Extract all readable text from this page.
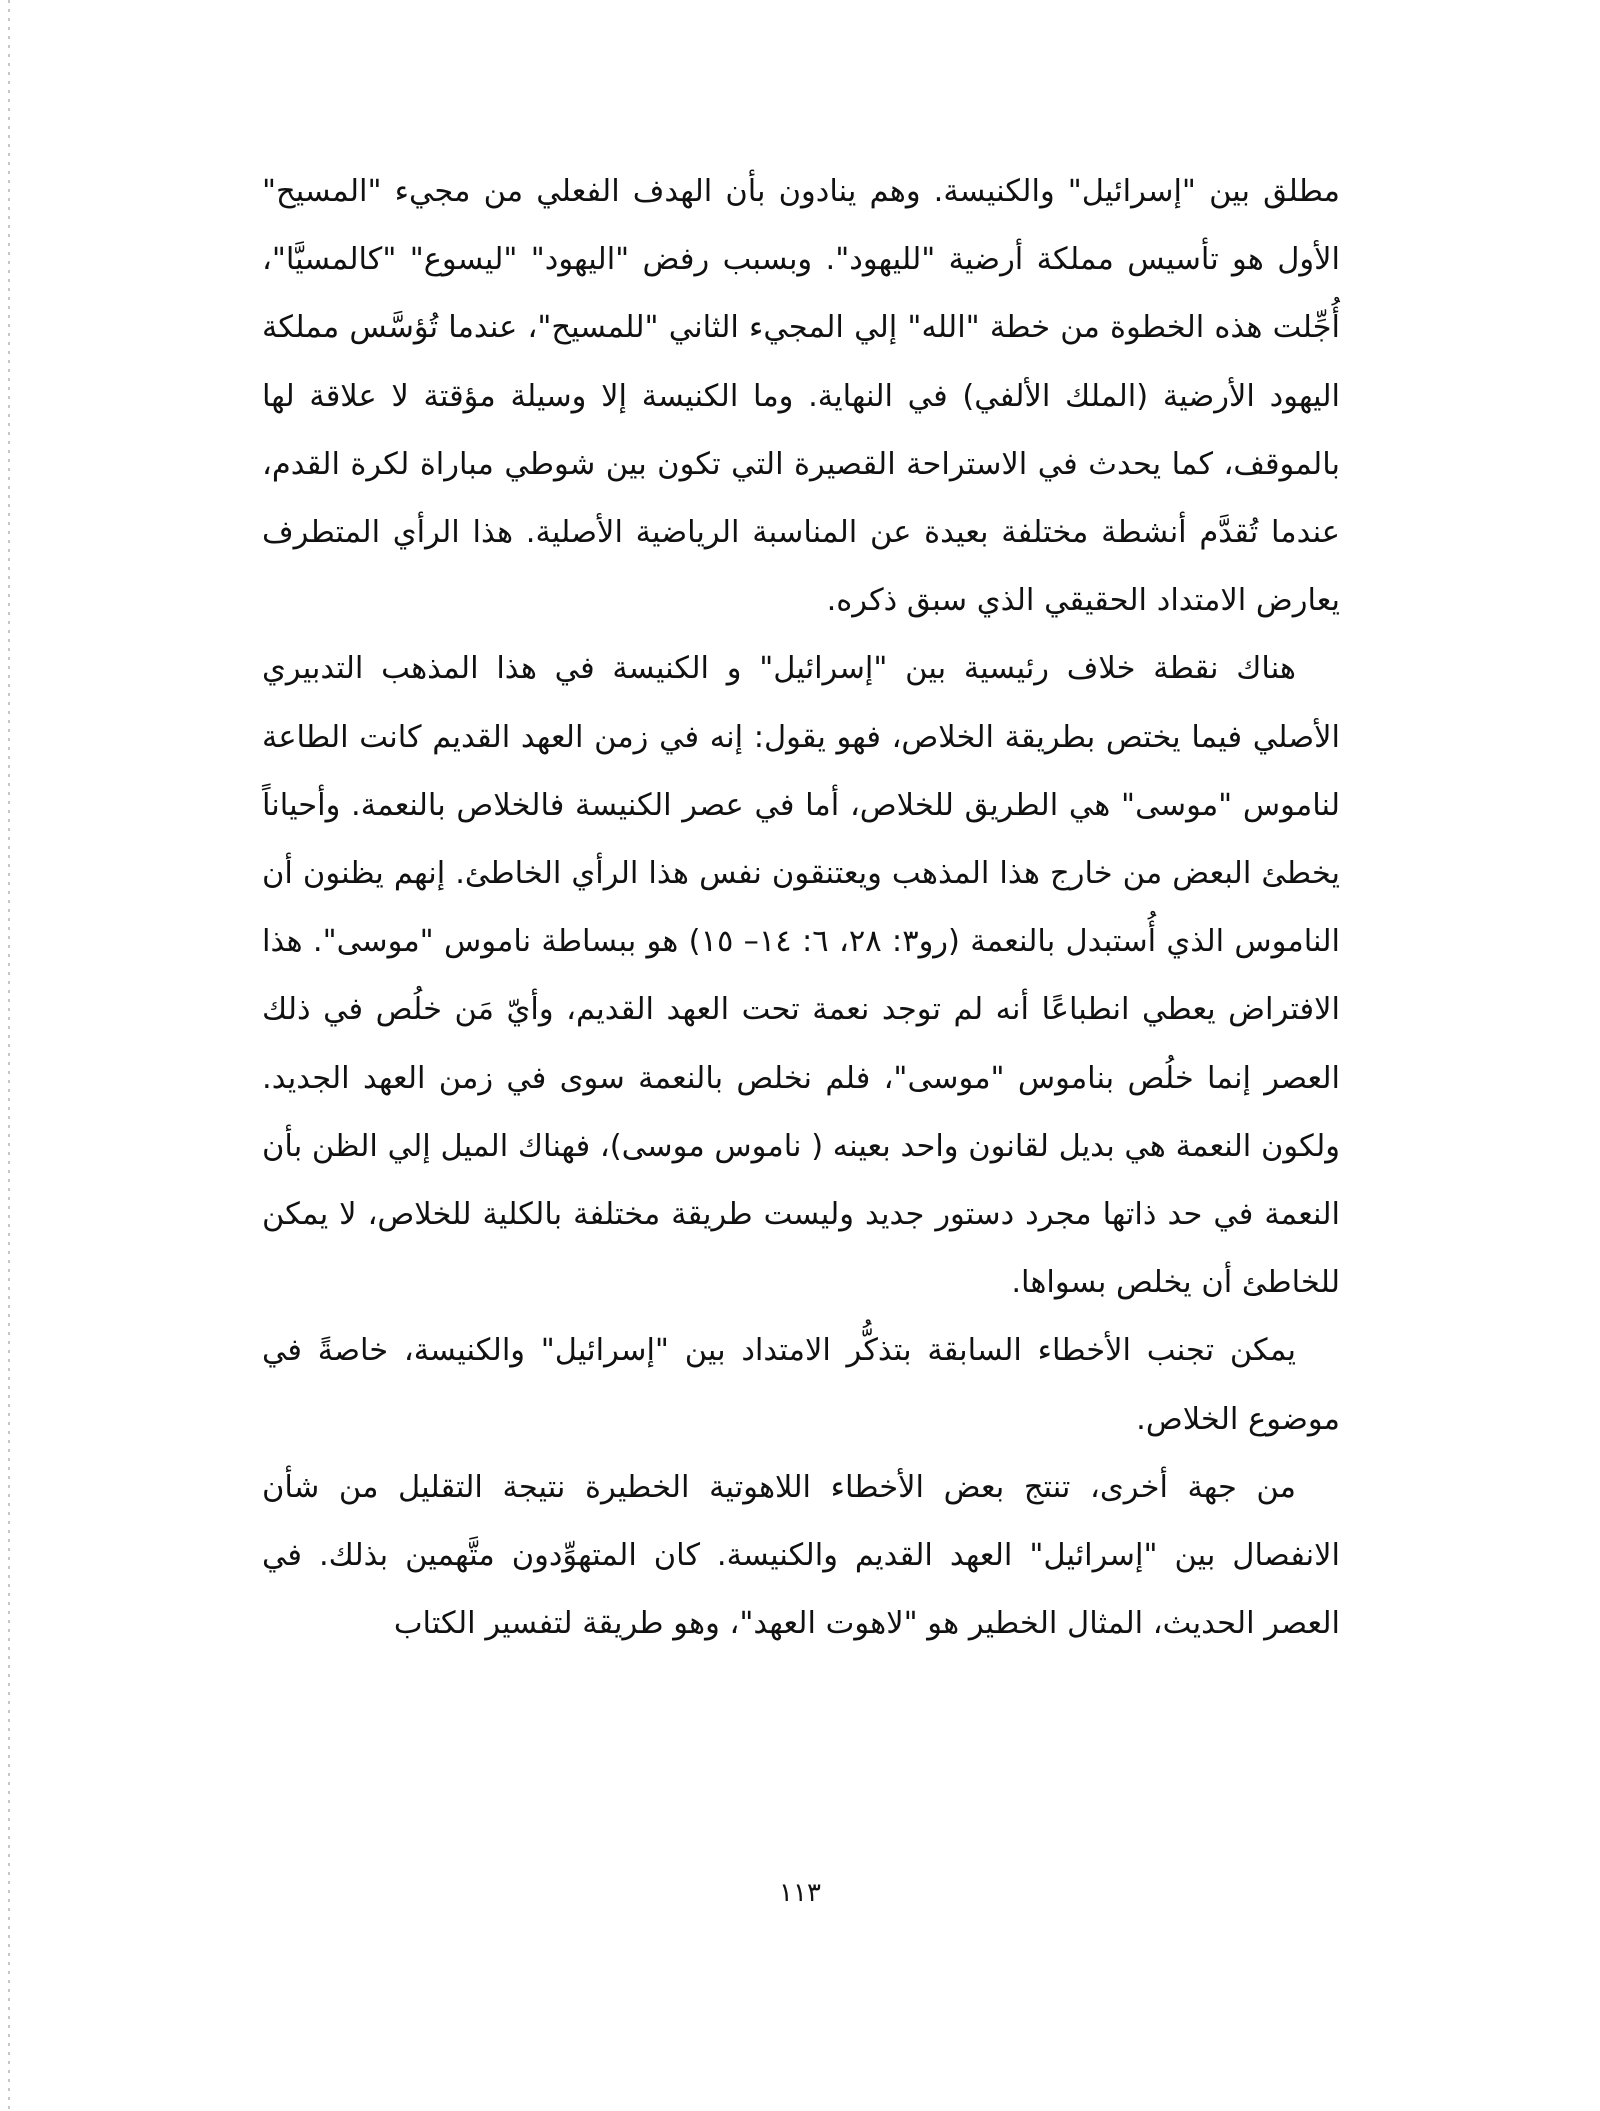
مطلق بين "إسرائيل" والكنيسة. وهم ينادون بأن الهدف الفعلي من مجيء "المسيح" الأول هو تأسيس مملكة أرضية "لليهود". وبسبب رفض "اليهود" "ليسوع" "كالمسيَّا"، أُجِّلت هذه الخطوة من خطة "الله" إلي المجيء الثاني "للمسيح"، عندما تُؤسَّس مملكة اليهود الأرضية (الملك الألفي) في النهاية. وما الكنيسة إلا وسيلة مؤقتة لا علاقة لها بالموقف، كما يحدث في الاستراحة القصيرة التي تكون بين شوطي مباراة لكرة القدم، عندما تُقدَّم أنشطة مختلفة بعيدة عن المناسبة الرياضية الأصلية. هذا الرأي المتطرف يعارض الامتداد الحقيقي الذي سبق ذكره.

هناك نقطة خلاف رئيسية بين "إسرائيل" و الكنيسة في هذا المذهب التدبيري الأصلي فيما يختص بطريقة الخلاص، فهو يقول: إنه في زمن العهد القديم كانت الطاعة لناموس "موسى" هي الطريق للخلاص، أما في عصر الكنيسة فالخلاص بالنعمة. وأحياناً يخطئ البعض من خارج هذا المذهب ويعتنقون نفس هذا الرأي الخاطئ. إنهم يظنون أن الناموس الذي أُستبدل بالنعمة (رو٣: ٢٨، ٦: ١٤– ١٥) هو ببساطة ناموس "موسى". هذا الافتراض يعطي انطباعًا أنه لم توجد نعمة تحت العهد القديم، وأيّ مَن خلُص في ذلك العصر إنما خلُص بناموس "موسى"، فلم نخلص بالنعمة سوى في زمن العهد الجديد. ولكون النعمة هي بديل لقانون واحد بعينه ( ناموس موسى)، فهناك الميل إلي الظن بأن النعمة في حد ذاتها مجرد دستور جديد وليست طريقة مختلفة بالكلية للخلاص، لا يمكن للخاطئ أن يخلص بسواها.

يمكن تجنب الأخطاء السابقة بتذكُّر الامتداد بين "إسرائيل" والكنيسة، خاصةً في موضوع الخلاص.

من جهة أخرى، تنتج بعض الأخطاء اللاهوتية الخطيرة نتيجة التقليل من شأن الانفصال بين "إسرائيل" العهد القديم والكنيسة. كان المتهوِّدون متَّهمين بذلك. في العصر الحديث، المثال الخطير هو "لاهوت العهد"، وهو طريقة لتفسير الكتاب

١١٣
